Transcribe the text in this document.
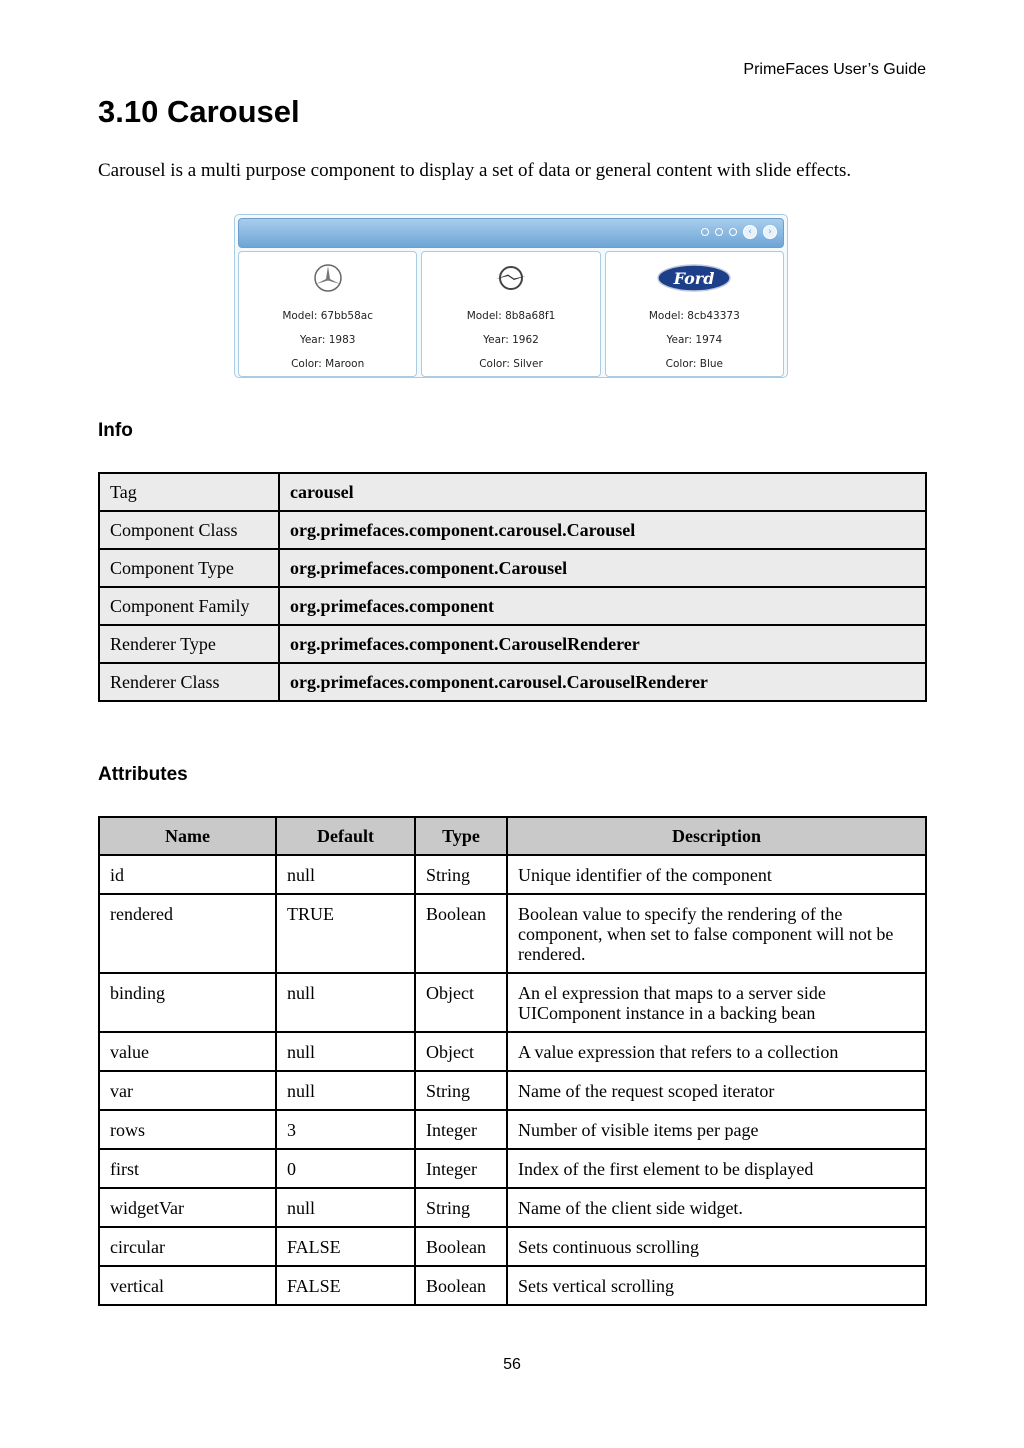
PrimeFaces User’s Guide
3.10 Carousel

Carousel is a multi purpose component to display a set of data or general content with slide effects.

‹	›
Model: 67bb58ac
Year: 1983
Color: Maroon
Model: 8b8a68f1
Year: 1962
Color: Silver
Ford
Model: 8cb43373
Year: 1974
Color: Blue
Info
Tag	carousel
Component Class	org.primefaces.component.carousel.Carousel
Component Type	org.primefaces.component.Carousel
Component Family	org.primefaces.component
Renderer Type	org.primefaces.component.CarouselRenderer
Renderer Class	org.primefaces.component.carousel.CarouselRenderer
Attributes
Name	Default	Type	Description
id	null	String	Unique identifier of the component
rendered	TRUE	Boolean	Boolean value to specify the rendering of the component, when set to false component will not be rendered.
binding	null	Object	An el expression that maps to a server side UIComponent instance in a backing bean
value	null	Object	A value expression that refers to a collection
var	null	String	Name of the request scoped iterator
rows	3	Integer	Number of visible items per page
first	0	Integer	Index of the first element to be displayed
widgetVar	null	String	Name of the client side widget.
circular	FALSE	Boolean	Sets continuous scrolling
vertical	FALSE	Boolean	Sets vertical scrolling
56
